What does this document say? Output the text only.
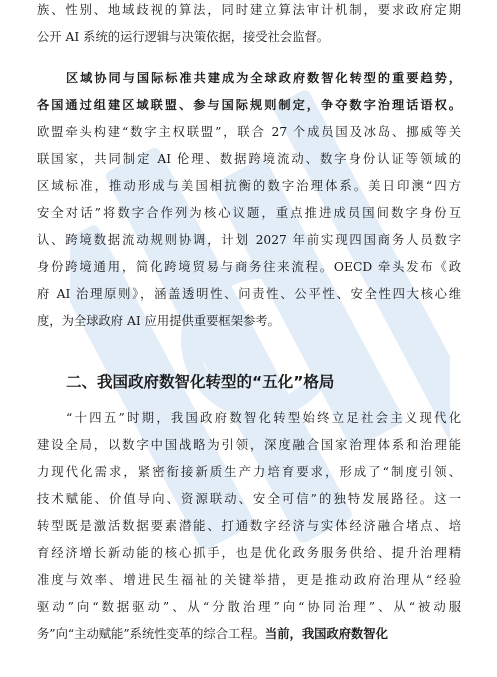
族、性别、地域歧视的算法，同时建立算法审计机制，要求政府定期
公开 AI 系统的运行逻辑与决策依据，接受社会监督。
区域协同与国际标准共建成为全球政府数智化转型的重要趋势，
各国通过组建区域联盟、参与国际规则制定，争夺数字治理话语权。
欧盟牵头构建“数字主权联盟”，联合 27 个成员国及冰岛、挪威等关
联国家，共同制定 AI 伦理、数据跨境流动、数字身份认证等领域的
区域标准，推动形成与美国相抗衡的数字治理体系。美日印澳“四方
安全对话”将数字合作列为核心议题，重点推进成员国间数字身份互
认、跨境数据流动规则协调，计划 2027 年前实现四国商务人员数字
身份跨境通用，简化跨境贸易与商务往来流程。OECD 牵头发布《政
府 AI 治理原则》，涵盖透明性、问责性、公平性、安全性四大核心维
度，为全球政府 AI 应用提供重要框架参考。
二、我国政府数智化转型的“五化”格局
“十四五”时期，我国政府数智化转型始终立足社会主义现代化
建设全局，以数字中国战略为引领，深度融合国家治理体系和治理能
力现代化需求，紧密衔接新质生产力培育要求，形成了“制度引领、
技术赋能、价值导向、资源联动、安全可信”的独特发展路径。这一
转型既是激活数据要素潜能、打通数字经济与实体经济融合堵点、培
育经济增长新动能的核心抓手，也是优化政务服务供给、提升治理精
准度与效率、增进民生福祉的关键举措，更是推动政府治理从“经验
驱动”向“数据驱动”、从“分散治理”向“协同治理”、从“被动服
务”向“主动赋能”系统性变革的综合工程。当前，我国政府数智化
